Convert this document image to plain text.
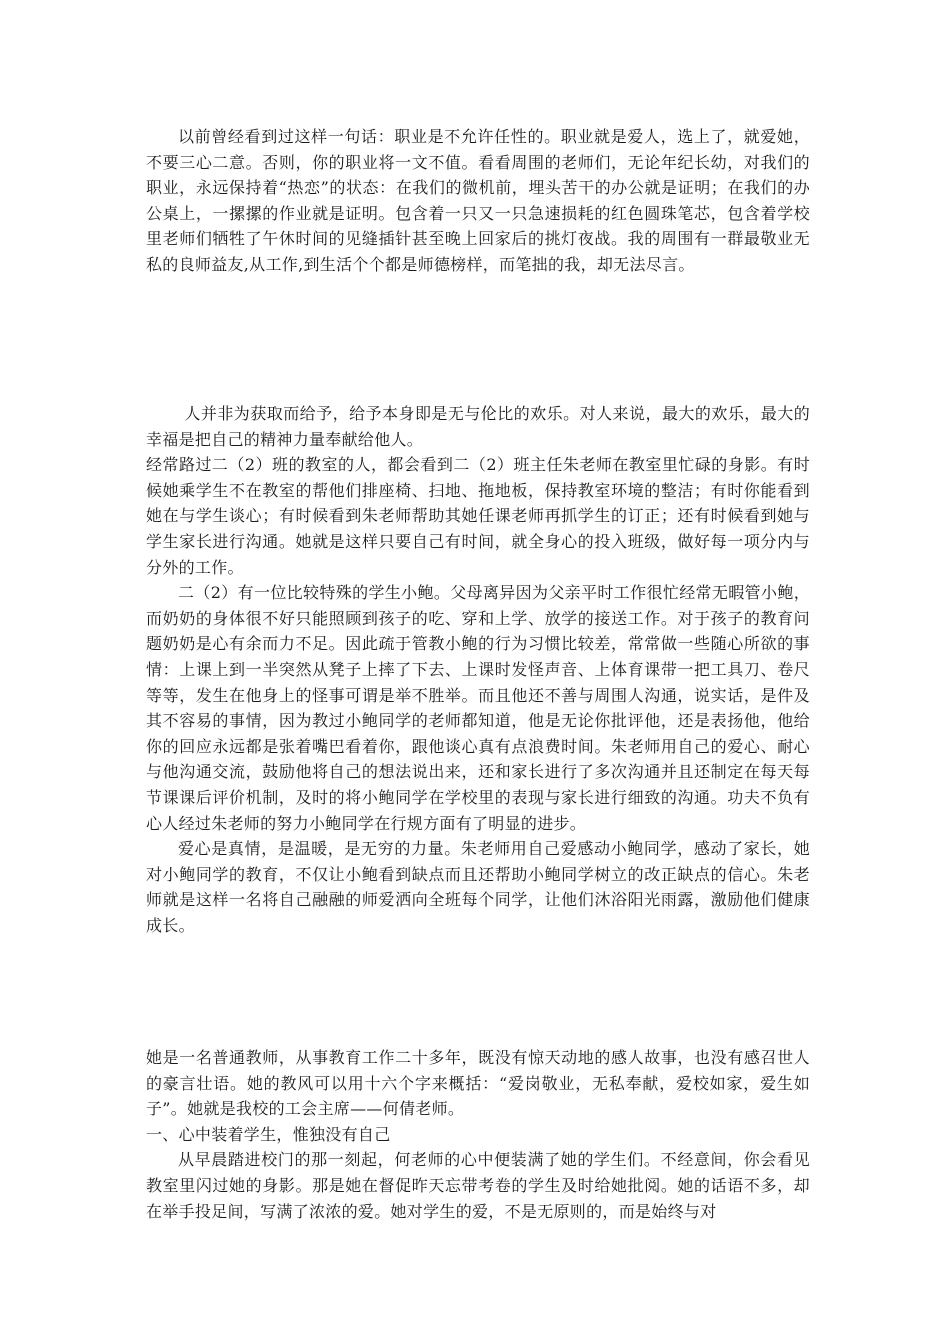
以前曾经看到过这样一句话：职业是不允许任性的。职业就是爱人，选上了，就爱她，不要三心二意。否则，你的职业将一文不值。看看周围的老师们，无论年纪长幼，对我们的职业，永远保持着“热恋”的状态：在我们的微机前，埋头苦干的办公就是证明；在我们的办公桌上，一摞摞的作业就是证明。包含着一只又一只急速损耗的红色圆珠笔芯，包含着学校里老师们牺牲了午休时间的见缝插针甚至晚上回家后的挑灯夜战。我的周围有一群最敬业无私的良师益友,从工作,到生活个个都是师德榜样，而笔拙的我，却无法尽言。

人并非为获取而给予，给予本身即是无与伦比的欢乐。对人来说，最大的欢乐，最大的幸福是把自己的精神力量奉献给他人。

经常路过二（2）班的教室的人，都会看到二（2）班主任朱老师在教室里忙碌的身影。有时候她乘学生不在教室的帮他们排座椅、扫地、拖地板，保持教室环境的整洁；有时你能看到她在与学生谈心；有时候看到朱老师帮助其她任课老师再抓学生的订正；还有时候看到她与学生家长进行沟通。她就是这样只要自己有时间，就全身心的投入班级，做好每一项分内与分外的工作。

二（2）有一位比较特殊的学生小鲍。父母离异因为父亲平时工作很忙经常无暇管小鲍，而奶奶的身体很不好只能照顾到孩子的吃、穿和上学、放学的接送工作。对于孩子的教育问题奶奶是心有余而力不足。因此疏于管教小鲍的行为习惯比较差，常常做一些随心所欲的事情：上课上到一半突然从凳子上摔了下去、上课时发怪声音、上体育课带一把工具刀、卷尺等等，发生在他身上的怪事可谓是举不胜举。而且他还不善与周围人沟通，说实话，是件及其不容易的事情，因为教过小鲍同学的老师都知道，他是无论你批评他，还是表扬他，他给你的回应永远都是张着嘴巴看着你，跟他谈心真有点浪费时间。朱老师用自己的爱心、耐心与他沟通交流，鼓励他将自己的想法说出来，还和家长进行了多次沟通并且还制定在每天每节课课后评价机制，及时的将小鲍同学在学校里的表现与家长进行细致的沟通。功夫不负有心人经过朱老师的努力小鲍同学在行规方面有了明显的进步。

爱心是真情，是温暖，是无穷的力量。朱老师用自己爱感动小鲍同学，感动了家长，她对小鲍同学的教育，不仅让小鲍看到缺点而且还帮助小鲍同学树立的改正缺点的信心。朱老师就是这样一名将自己融融的师爱洒向全班每个同学，让他们沐浴阳光雨露，激励他们健康成长。

她是一名普通教师，从事教育工作二十多年，既没有惊天动地的感人故事，也没有感召世人的豪言壮语。她的教风可以用十六个字来概括：“爱岗敬业，无私奉献，爱校如家，爱生如子”。她就是我校的工会主席——何倩老师。

一、心中装着学生，惟独没有自己

从早晨踏进校门的那一刻起，何老师的心中便装满了她的学生们。不经意间，你会看见教室里闪过她的身影。那是她在督促昨天忘带考卷的学生及时给她批阅。她的话语不多，却在举手投足间，写满了浓浓的爱。她对学生的爱，不是无原则的，而是始终与对
